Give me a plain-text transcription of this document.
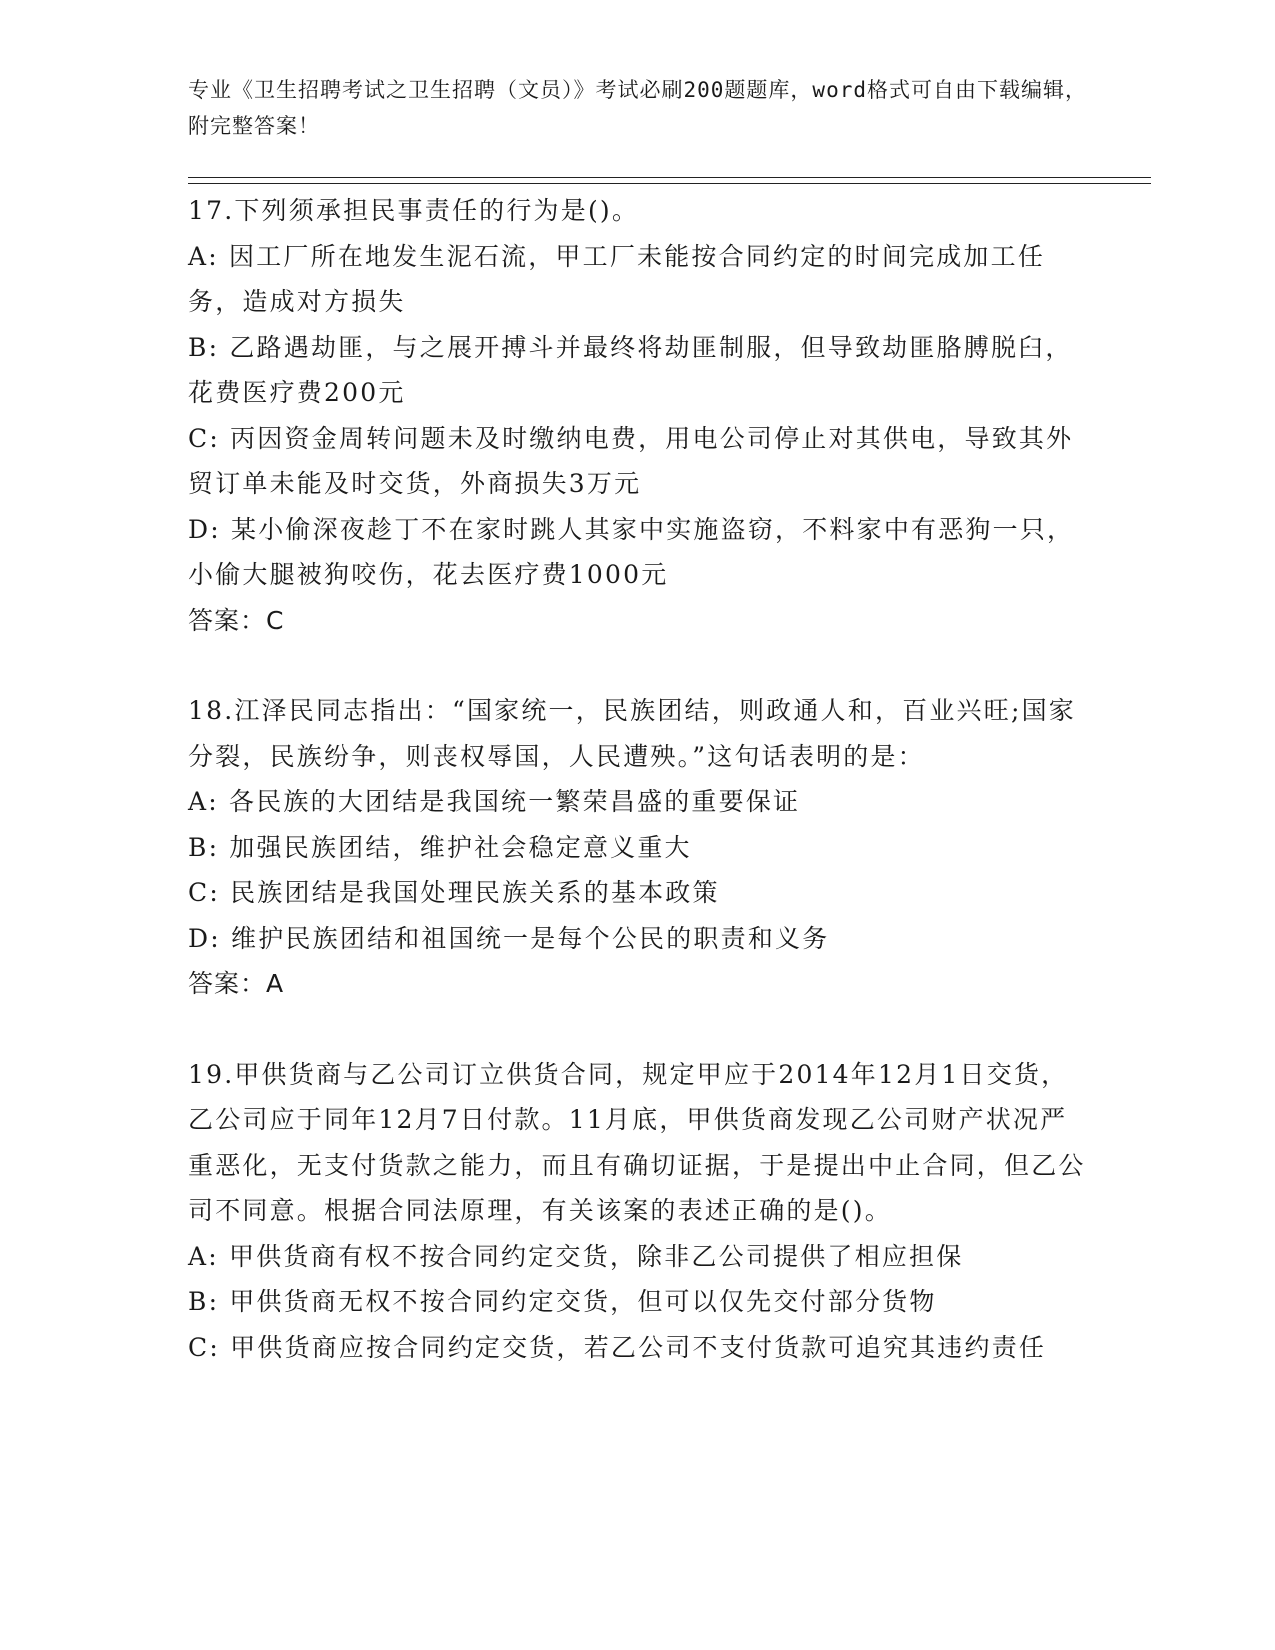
专业《卫生招聘考试之卫生招聘（文员）》考试必刷200题题库，word格式可自由下载编辑，附完整答案！

17.下列须承担民事责任的行为是()。

A: 因工厂所在地发生泥石流，甲工厂未能按合同约定的时间完成加工任务，造成对方损失

B: 乙路遇劫匪，与之展开搏斗并最终将劫匪制服，但导致劫匪胳膊脱臼，花费医疗费200元

C: 丙因资金周转问题未及时缴纳电费，用电公司停止对其供电，导致其外贸订单未能及时交货，外商损失3万元

D: 某小偷深夜趁丁不在家时跳人其家中实施盗窃，不料家中有恶狗一只，小偷大腿被狗咬伤，花去医疗费1000元

答案：C

18.江泽民同志指出：“国家统一，民族团结，则政通人和，百业兴旺;国家分裂，民族纷争，则丧权辱国，人民遭殃。”这句话表明的是：

A: 各民族的大团结是我国统一繁荣昌盛的重要保证

B: 加强民族团结，维护社会稳定意义重大

C: 民族团结是我国处理民族关系的基本政策

D: 维护民族团结和祖国统一是每个公民的职责和义务

答案：A

19.甲供货商与乙公司订立供货合同，规定甲应于2014年12月1日交货，乙公司应于同年12月7日付款。11月底，甲供货商发现乙公司财产状况严重恶化，无支付货款之能力，而且有确切证据，于是提出中止合同，但乙公司不同意。根据合同法原理，有关该案的表述正确的是()。

A: 甲供货商有权不按合同约定交货，除非乙公司提供了相应担保

B: 甲供货商无权不按合同约定交货，但可以仅先交付部分货物

C: 甲供货商应按合同约定交货，若乙公司不支付货款可追究其违约责任
